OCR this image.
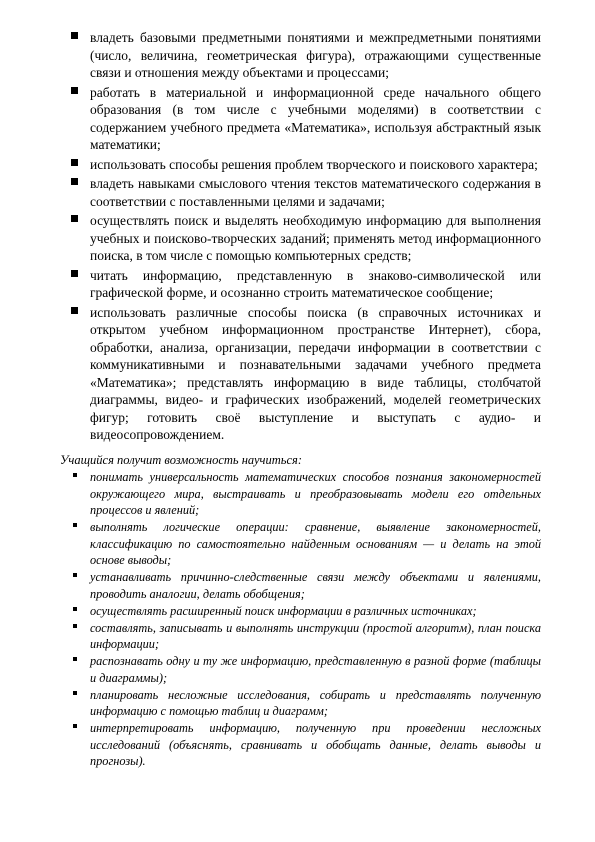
владеть базовыми предметными понятиями и межпредметными понятиями (число, величина, геометрическая фигура), отражающими существенные связи и отношения между объектами и процессами;
работать в материальной и информационной среде начального общего образования (в том числе с учебными моделями) в соответствии с содержанием учебного предмета «Математика», используя абстрактный язык математики;
использовать способы решения проблем творческого и поискового характера;
владеть навыками смыслового чтения текстов математического содержания в соответствии с поставленными целями и задачами;
осуществлять поиск и выделять необходимую информацию для выполнения учебных и поисково-творческих заданий; применять метод информационного поиска, в том числе с помощью компьютерных средств;
читать информацию, представленную в знаково-символической или графической форме, и осознанно строить математическое сообщение;
использовать различные способы поиска (в справочных источниках и открытом учебном информационном пространстве Интернет), сбора, обработки, анализа, организации, передачи информации в соответствии с коммуникативными и познавательными задачами учебного предмета «Математика»; представлять информацию в виде таблицы, столбчатой диаграммы, видео- и графических изображений, моделей геометрических фигур; готовить своё выступление и выступать с аудио- и видеосопровождением.
Учащийся получит возможность научиться:
понимать универсальность математических способов познания закономерностей окружающего мира, выстраивать и преобразовывать модели его отдельных процессов и явлений;
выполнять логические операции: сравнение, выявление закономерностей, классификацию по самостоятельно найденным основаниям — и делать на этой основе выводы;
устанавливать причинно-следственные связи между объектами и явлениями, проводить аналогии, делать обобщения;
осуществлять расширенный поиск информации в различных источниках;
составлять, записывать и выполнять инструкции (простой алгоритм), план поиска информации;
распознавать одну и ту же информацию, представленную в разной форме (таблицы и диаграммы);
планировать несложные исследования, собирать и представлять полученную информацию с помощью таблиц и диаграмм;
интерпретировать информацию, полученную при проведении несложных исследований (объяснять, сравнивать и обобщать данные, делать выводы и прогнозы).
